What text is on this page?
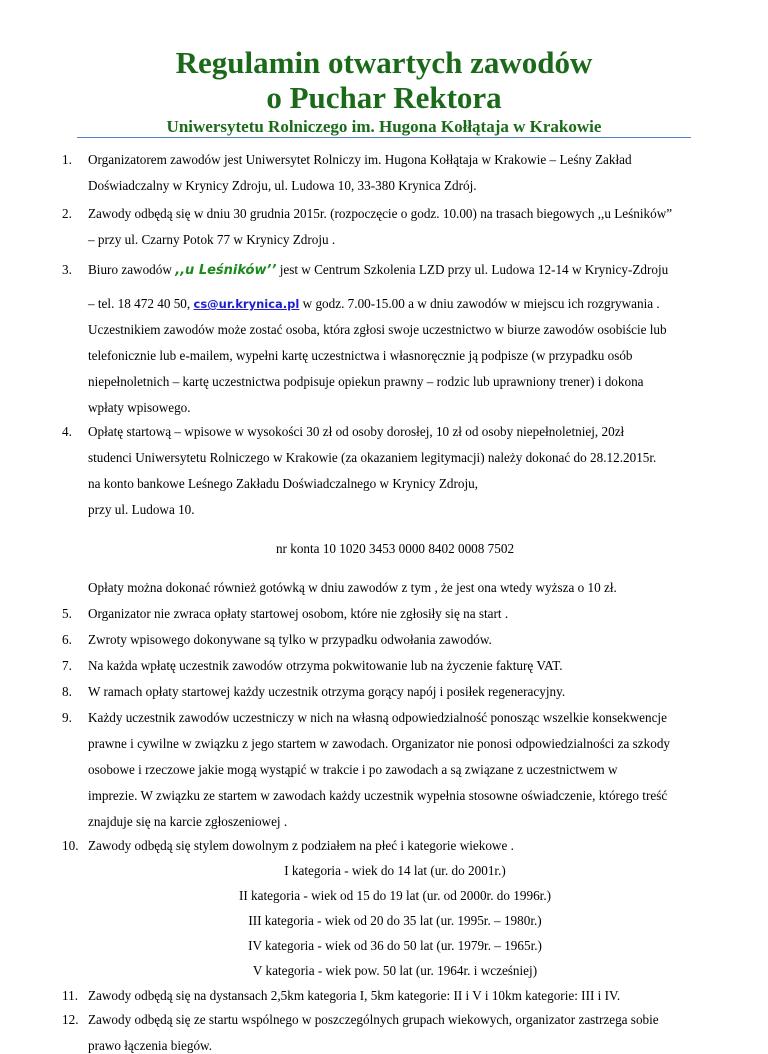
Regulamin otwartych zawodów
o Puchar Rektora
Uniwersytetu Rolniczego im. Hugona Kołłątaja w Krakowie
1.	Organizatorem zawodów jest Uniwersytet Rolniczy im. Hugona Kołłątaja w Krakowie – Leśny Zakład
Doświadczalny w Krynicy Zdroju, ul. Ludowa 10, 33-380 Krynica Zdrój.
2.	Zawody odbędą się w dniu 30 grudnia 2015r. (rozpoczęcie o godz. 10.00) na trasach biegowych ,,u Leśników”
– przy ul. Czarny Potok 77 w Krynicy Zdroju .
3.	Biuro zawodów ,,u Leśników’’ jest w Centrum Szkolenia LZD przy ul. Ludowa 12-14 w Krynicy-Zdroju
– tel. 18 472 40 50, cs@ur.krynica.pl w godz. 7.00-15.00 a w dniu zawodów w miejscu ich rozgrywania .
Uczestnikiem zawodów może zostać osoba, która zgłosi swoje uczestnictwo w biurze zawodów osobiście lub
telefonicznie lub e-mailem, wypełni kartę uczestnictwa i własnoręcznie ją podpisze (w przypadku osób
niepełnoletnich – kartę uczestnictwa podpisuje opiekun prawny – rodzic lub uprawniony trener) i dokona
wpłaty wpisowego.
4.	Opłatę startową – wpisowe w wysokości 30 zł od osoby dorosłej, 10 zł od osoby niepełnoletniej, 20zł
studenci Uniwersytetu Rolniczego w Krakowie (za okazaniem legitymacji) należy dokonać do 28.12.2015r.
na konto bankowe Leśnego Zakładu Doświadczalnego w Krynicy Zdroju,
przy ul. Ludowa 10.
nr konta 10 1020 3453 0000 8402 0008 7502
Opłaty można dokonać również gotówką w dniu zawodów z tym , że jest ona wtedy wyższa o 10 zł.
5.	Organizator nie zwraca opłaty startowej osobom, które nie zgłosiły się na start .
6.	Zwroty wpisowego dokonywane są tylko w przypadku odwołania zawodów.
7.	Na każda wpłatę uczestnik zawodów otrzyma pokwitowanie lub na życzenie fakturę VAT.
8.	W ramach opłaty startowej każdy uczestnik otrzyma gorący napój i posiłek regeneracyjny.
9.	Każdy uczestnik zawodów uczestniczy w nich na własną odpowiedzialność ponosząc wszelkie konsekwencje
prawne i cywilne w związku z jego startem w zawodach. Organizator nie ponosi odpowiedzialności za szkody
osobowe i rzeczowe jakie mogą wystąpić w trakcie i po zawodach a są związane z uczestnictwem w
imprezie. W związku ze startem w zawodach każdy uczestnik wypełnia stosowne oświadczenie, którego treść
znajduje się na karcie zgłoszeniowej .
10. Zawody odbędą się stylem dowolnym z podziałem na płeć i kategorie wiekowe .
I kategoria - wiek do 14 lat (ur. do 2001r.)
II kategoria - wiek od 15 do 19 lat (ur. od 2000r. do 1996r.)
III kategoria - wiek od 20 do 35 lat (ur. 1995r. – 1980r.)
IV kategoria - wiek od 36 do 50 lat (ur. 1979r. – 1965r.)
V kategoria - wiek pow. 50 lat (ur. 1964r. i wcześniej)
11. Zawody odbędą się na dystansach 2,5km kategoria I, 5km kategorie: II i V i 10km kategorie: III i IV.
12. Zawody odbędą się ze startu wspólnego w poszczególnych grupach wiekowych, organizator zastrzega sobie
prawo łączenia biegów.
